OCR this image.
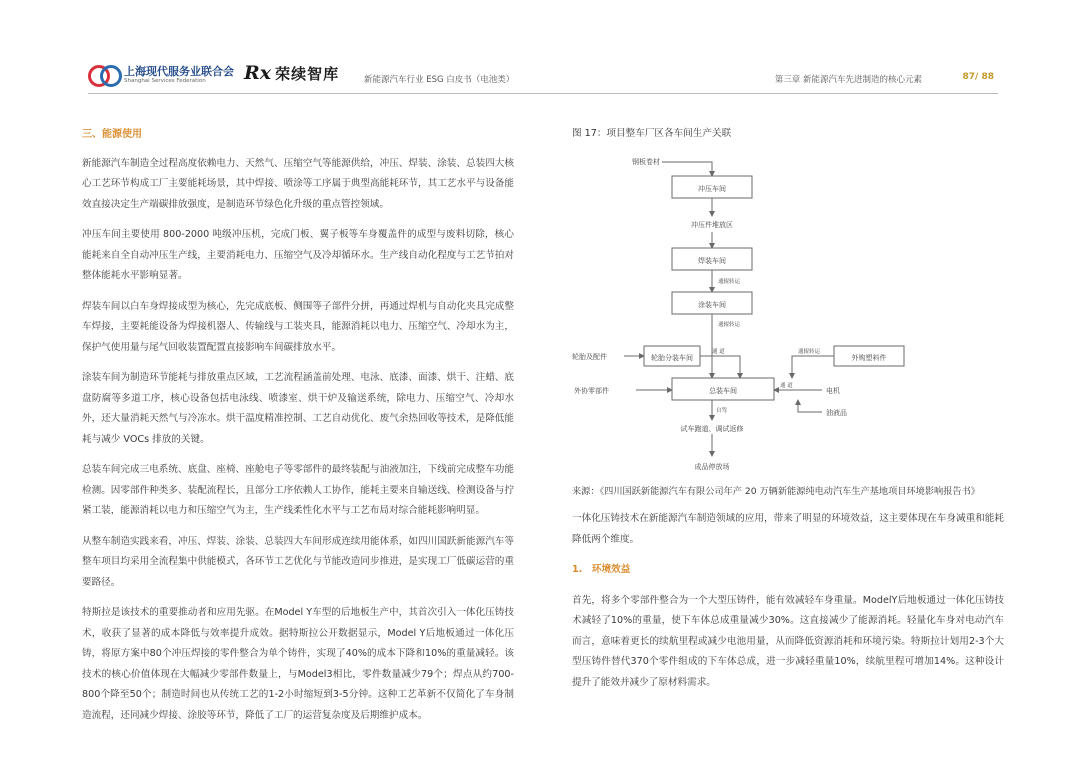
上海现代服务业联合会
Shanghai Services Federation	Rx 荣续智库	新能源汽车行业 ESG 白皮书（电池类）	第三章 新能源汽车先进制造的核心元素	87/ 88

三、能源使用

新能源汽车制造全过程高度依赖电力、天然气、压缩空气等能源供给，冲压、焊装、涂装、总装四大核心工艺环节构成工厂主要能耗场景，其中焊接、喷涂等工序属于典型高能耗环节，其工艺水平与设备能效直接决定生产端碳排放强度，是制造环节绿色化升级的重点管控领域。

冲压车间主要使用 800-2000 吨级冲压机，完成门板、翼子板等车身覆盖件的成型与废料切除，核心能耗来自全自动冲压生产线，主要消耗电力、压缩空气及冷却循环水。生产线自动化程度与工艺节拍对整体能耗水平影响显著。

焊装车间以白车身焊接成型为核心，先完成底板、侧围等子部件分拼，再通过焊机与自动化夹具完成整车焊接，主要耗能设备为焊接机器人、传输线与工装夹具，能源消耗以电力、压缩空气、冷却水为主，保护气使用量与尾气回收装置配置直接影响车间碳排放水平。

涂装车间为制造环节能耗与排放重点区域，工艺流程涵盖前处理、电泳、底漆、面漆、烘干、注蜡、底盘防腐等多道工序，核心设备包括电泳线、喷漆室、烘干炉及输送系统，除电力、压缩空气、冷却水外，还大量消耗天然气与冷冻水。烘干温度精准控制、工艺自动优化、废气余热回收等技术，是降低能耗与减少 VOCs 排放的关键。

总装车间完成三电系统、底盘、座椅、座舱电子等零部件的最终装配与油液加注，下线前完成整车功能检测。因零部件种类多、装配流程长，且部分工序依赖人工协作，能耗主要来自输送线、检测设备与拧紧工装，能源消耗以电力和压缩空气为主，生产线柔性化水平与工艺布局对综合能耗影响明显。

从整车制造实践来看，冲压、焊装、涂装、总装四大车间形成连续用能体系，如四川国跃新能源汽车等整车项目均采用全流程集中供能模式，各环节工艺优化与节能改造同步推进，是实现工厂低碳运营的重要路径。

特斯拉是该技术的重要推动者和应用先驱。在Model Y车型的后地板生产中，其首次引入一体化压铸技术，收获了显著的成本降低与效率提升成效。据特斯拉公开数据显示，Model Y后地板通过一体化压铸，将原方案中80个冲压焊接的零件整合为单个铸件，实现了40%的成本下降和10%的重量减轻。该技术的核心价值体现在大幅减少零部件数量上，与Model3相比，零件数量减少79个；焊点从约700-800个降至50个；制造时间也从传统工艺的1-2小时缩短到3-5分钟。这种工艺革新不仅简化了车身制造流程，还同减少焊接、涂胶等环节，降低了工厂的运营复杂度及后期维护成本。

图 17：项目整车厂区各车间生产关联

钢板卷材
冲压车间
冲压件堆放区
焊装车间
通辊转运
涂装车间
通辊转运
轮胎及配件	轮胎分装车间
通 道	通辊转运
外购塑料件
外协零部件	总装车间
通 道
电机
油液品
自驾
试车跑道、调试返修
成品停放场
来源：《四川国跃新能源汽车有限公司年产 20 万辆新能源纯电动汽车生产基地项目环境影响报告书》

一体化压铸技术在新能源汽车制造领域的应用，带来了明显的环境效益，这主要体现在车身减重和能耗降低两个维度。

1.　环境效益

首先，将多个零部件整合为一个大型压铸件，能有效减轻车身重量。ModelY后地板通过一体化压铸技术减轻了10%的重量，使下车体总成重量减少30%。这直接减少了能源消耗。轻量化车身对电动汽车而言，意味着更长的续航里程或减少电池用量，从而降低资源消耗和环境污染。特斯拉计划用2-3个大型压铸件替代370个零件组成的下车体总成，进一步减轻重量10%，续航里程可增加14%。这种设计提升了能效并减少了原材料需求。
